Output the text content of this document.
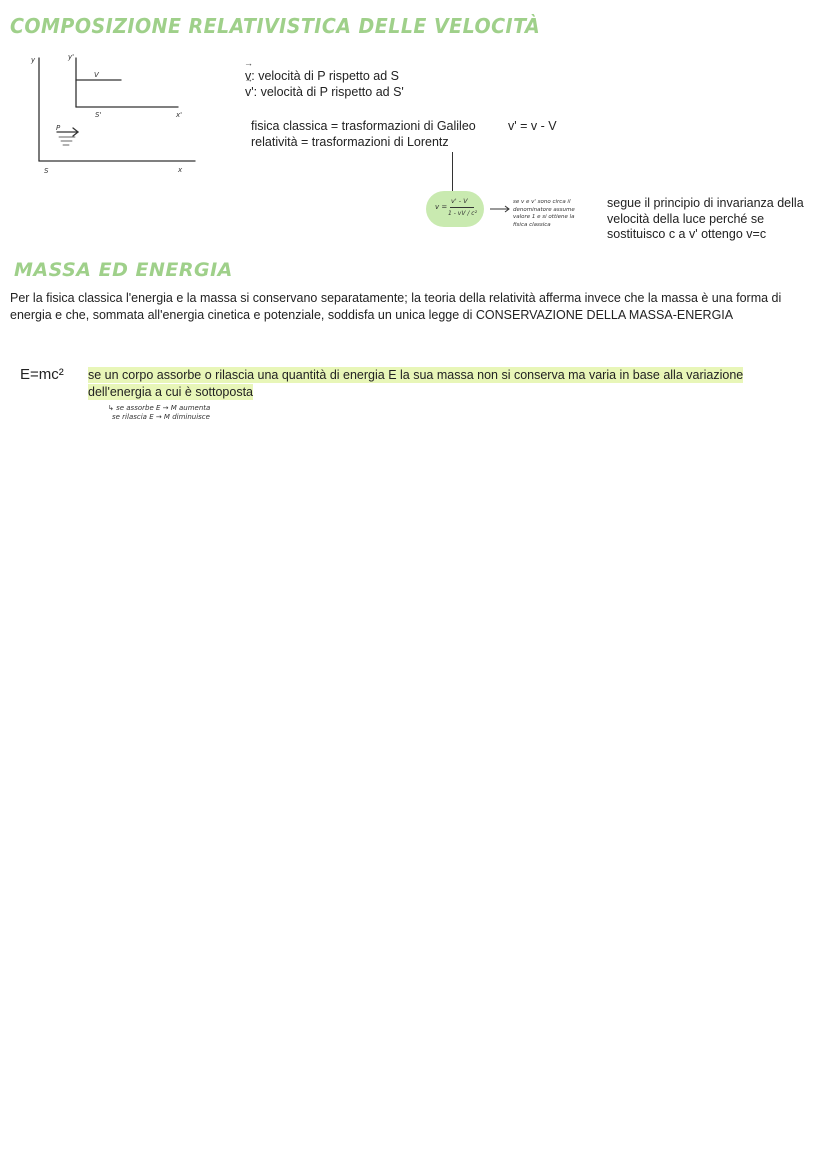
COMPOSIZIONE RELATIVISTICA DELLE VELOCITÀ
y	y'
V
S'	x'
P
S	x
→ v: velocità di P rispetto ad S
→ v': velocità di P rispetto ad S'
fisica classica = trasformazioni di Galileo	v' = v - V
relatività = trasformazioni di Lorentz
v =
v' - V
1 - vV / c²
se v e v' sono circa il
denominatore assume
valore 1 e si ottiene la
fisica classica
segue il principio di invarianza della
velocità della luce perché se
sostituisco c a v' ottengo v=c
MASSA ED ENERGIA
Per la fisica classica l'energia e la massa si conservano separatamente; la teoria della relatività afferma invece che la massa è una forma di energia e che, sommata all'energia cinetica e potenziale, soddisfa un unica legge di CONSERVAZIONE DELLA MASSA-ENERGIA
E=mc² se un corpo assorbe o rilascia una quantità di energia E la sua massa non si conserva ma varia in base alla variazione dell'energia a cui è sottoposta
↳ se assorbe E → M aumenta
se rilascia E → M diminuisce
